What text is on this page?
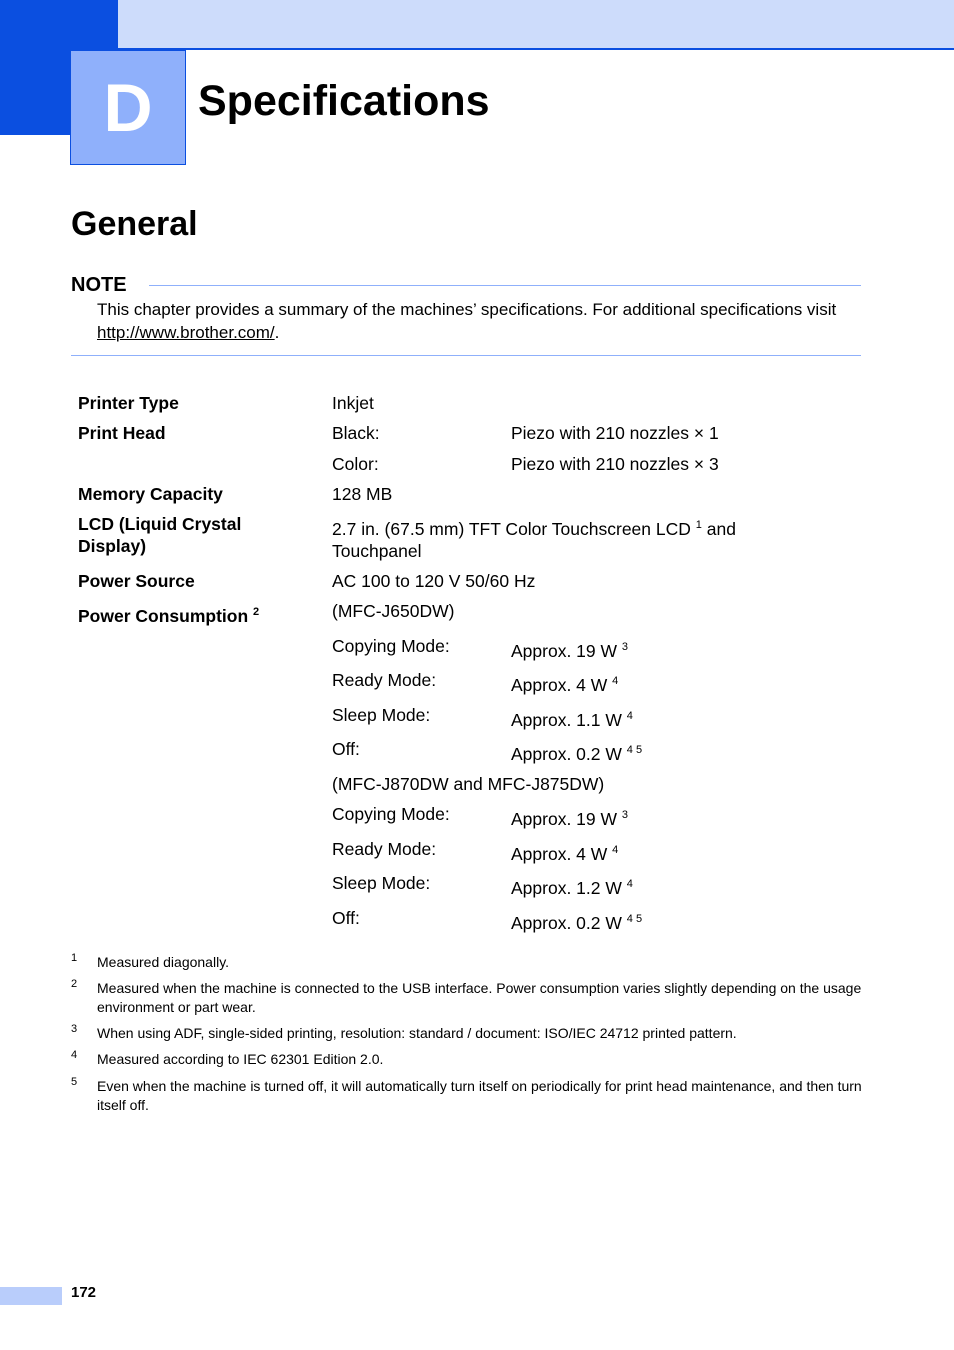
D Specifications
General
NOTE
This chapter provides a summary of the machines’ specifications. For additional specifications visit http://www.brother.com/.
Printer Type	Inkjet
Print Head	Black:	Piezo with 210 nozzles × 1
Color:	Piezo with 210 nozzles × 3
Memory Capacity	128 MB
LCD (Liquid Crystal
Display)
2.7 in. (67.5 mm) TFT Color Touchscreen LCD $^1$ and
Touchpanel
Power Source	AC 100 to 120 V 50/60 Hz
Power Consumption $^2$	(MFC-J650DW)
Copying Mode:	Approx. 19 W $^3$
Ready Mode:	Approx. 4 W $^4$
Sleep Mode:	Approx. 1.1 W $^4$
Off:	Approx. 0.2 W $^{4 5}$
(MFC-J870DW and MFC-J875DW)
Copying Mode:	Approx. 19 W $^3$
Ready Mode:	Approx. 4 W $^4$
Sleep Mode:	Approx. 1.2 W $^4$
Off:	Approx. 0.2 W $^{4 5}$
1 Measured diagonally.
2 Measured when the machine is connected to the USB interface. Power consumption varies slightly depending on the usage environment or part wear.
3 When using ADF, single-sided printing, resolution: standard / document: ISO/IEC 24712 printed pattern.
4 Measured according to IEC 62301 Edition 2.0.
5 Even when the machine is turned off, it will automatically turn itself on periodically for print head maintenance, and then turn itself off.
172
